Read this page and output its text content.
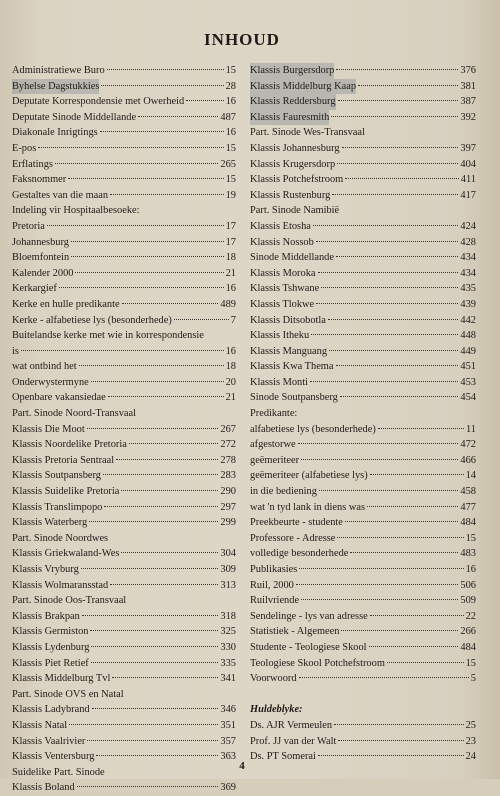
INHOUD
Administratiewe Buro	15
Byhelse Dagstukkies	28
Deputate Korrespondensie met Owerheid	16
Deputate Sinode Middellande	487
Diakonale Inrigtings	16
E-pos	15
Erflatings	265
Faksnommer	15
Gestaltes van die maan	19
Indeling vir Hospitaalbesoeke:
Pretoria	17
Johannesburg	17
Bloemfontein	18
Kalender 2000	21
Kerkargief	16
Kerke en hulle predikante	489
Kerke - alfabetiese lys (besonderhede)	7
Buitelandse kerke met wie in korrespondensie
is	16
wat ontbind het	18
Onderwystermyne	20
Openbare vakansiedae	21
Part. Sinode Noord-Transvaal
Klassis Die Moot	267
Klassis Noordelike Pretoria	272
Klassis Pretoria Sentraal	278
Klassis Soutpansberg	283
Klassis Suidelike Pretoria	290
Klassis Translimpopo	297
Klassis Waterberg	299
Part. Sinode Noordwes
Klassis Griekwaland-Wes	304
Klassis Vryburg	309
Klassis Wolmaransstad	313
Part. Sinode Oos-Transvaal
Klassis Brakpan	318
Klassis Germiston	325
Klassis Lydenburg	330
Klassis Piet Retief	335
Klassis Middelburg Tvl	341
Part. Sinode OVS en Natal
Klassis Ladybrand	346
Klassis Natal	351
Klassis Vaalrivier	357
Klassis Ventersburg	363
Suidelike Part. Sinode
Klassis Boland	369
Klassis Burgersdorp	376
Klassis Middelburg Kaap	381
Klassis Reddersburg	387
Klassis Fauresmith	392
Part. Sinode Wes-Transvaal
Klassis Johannesburg	397
Klassis Krugersdorp	404
Klassis Potchefstroom	411
Klassis Rustenburg	417
Part. Sinode Namibië
Klassis Etosha	424
Klassis Nossob	428
Sinode Middellande	434
Klassis Moroka	434
Klassis Tshwane	435
Klassis Tlokwe	439
Klassis Ditsobotla	442
Klassis Itheku	448
Klassis Manguang	449
Klassis Kwa Thema	451
Klassis Monti	453
Sinode Soutpansberg	454
Predikante:
alfabetiese lys (besonderhede)	11
afgestorwe	472
geëmeriteer	466
geëmeriteer (alfabetiese lys)	14
in die bediening	458
wat 'n tyd lank in diens was	477
Preekbeurte - studente	484
Professore - Adresse	15
volledige besonderhede	483
Publikasies	16
Ruil, 2000	506
Ruilvriende	509
Sendelinge - lys van adresse	22
Statistiek - Algemeen	266
Studente - Teologiese Skool	484
Teologiese Skool Potchefstroom	15
Voorwoord	5
Huldeblyke:
Ds. AJR Vermeulen	25
Prof. JJ van der Walt	23
Ds. PT Somerai	24
4
